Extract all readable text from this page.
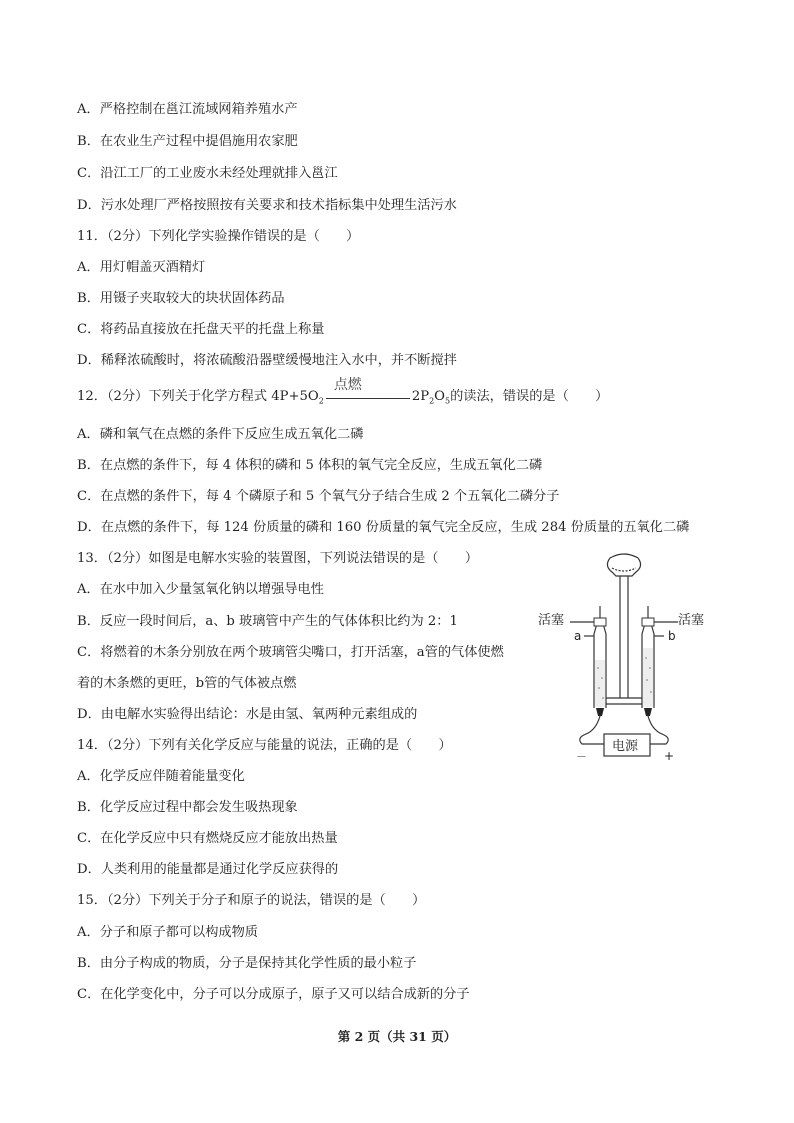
A．严格控制在邕江流域网箱养殖水产
B．在农业生产过程中提倡施用农家肥
C．沿江工厂的工业废水未经处理就排入邕江
D．污水处理厂严格按照按有关要求和技术指标集中处理生活污水
11．（2分）下列化学实验操作错误的是（　　）
A．用灯帽盖灭酒精灯
B．用镊子夹取较大的块状固体药品
C．将药品直接放在托盘天平的托盘上称量
D．稀释浓硫酸时，将浓硫酸沿器壁缓慢地注入水中，并不断搅拌
12．（2分）下列关于化学方程式 $4P+5O_2$
点燃
$2P_2O_5$的读法，错误的是（　　）
A．磷和氧气在点燃的条件下反应生成五氧化二磷
B．在点燃的条件下，每 4 体积的磷和 5 体积的氧气完全反应，生成五氧化二磷
C．在点燃的条件下，每 4 个磷原子和 5 个氧气分子结合生成 2 个五氧化二磷分子
D．在点燃的条件下，每 124 份质量的磷和 160 份质量的氧气完全反应，生成 284 份质量的五氧化二磷
13．（2分）如图是电解水实验的装置图，下列说法错误的是（　　）
A．在水中加入少量氢氧化钠以增强导电性
B．反应一段时间后，a、b 玻璃管中产生的气体体积比约为 2：1
C．将燃着的木条分别放在两个玻璃管尖嘴口，打开活塞，a管的气体使燃
着的木条燃的更旺，b管的气体被点燃
D．由电解水实验得出结论：水是由氢、氧两种元素组成的
14．（2分）下列有关化学反应与能量的说法，正确的是（　　）
A．化学反应伴随着能量变化
B．化学反应过程中都会发生吸热现象
C．在化学反应中只有燃烧反应才能放出热量
D．人类利用的能量都是通过化学反应获得的
15．（2分）下列关于分子和原子的说法，错误的是（　　）
A．分子和原子都可以构成物质
B．由分子构成的物质，分子是保持其化学性质的最小粒子
C．在化学变化中，分子可以分成原子，原子又可以结合成新的分子
活塞	活塞
a	b
电源
－	+
第 2 页（共 31 页）
